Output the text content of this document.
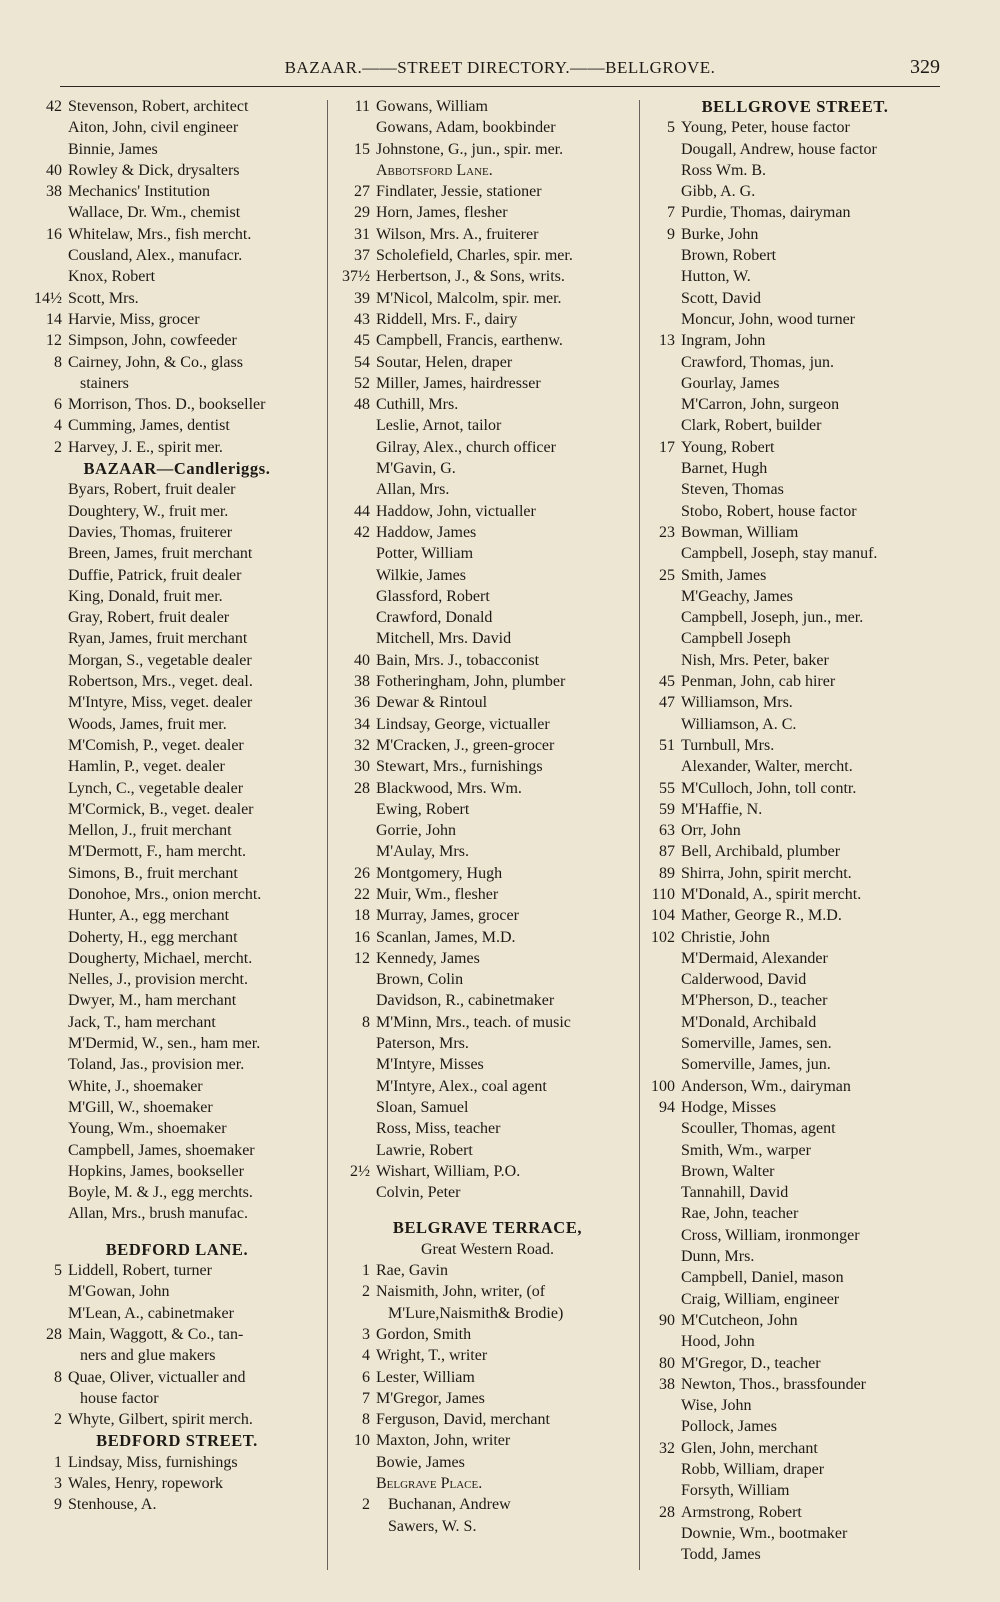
BAZAAR.——STREET DIRECTORY.——BELLGROVE.	329
42 Stevenson, Robert, architect
Aiton, John, civil engineer
Binnie, James
40 Rowley & Dick, drysalters
38 Mechanics' Institution
Wallace, Dr. Wm., chemist
16 Whitelaw, Mrs., fish mercht.
Cousland, Alex., manufacr.
Knox, Robert
14½ Scott, Mrs.
14 Harvie, Miss, grocer
12 Simpson, John, cowfeeder
8 Cairney, John, & Co., glass
stainers
6 Morrison, Thos. D., bookseller
4 Cumming, James, dentist
2 Harvey, J. E., spirit mer.
BAZAAR—Candleriggs.
Byars, Robert, fruit dealer
Doughtery, W., fruit mer.
Davies, Thomas, fruiterer
Breen, James, fruit merchant
Duffie, Patrick, fruit dealer
King, Donald, fruit mer.
Gray, Robert, fruit dealer
Ryan, James, fruit merchant
Morgan, S., vegetable dealer
Robertson, Mrs., veget. deal.
M'Intyre, Miss, veget. dealer
Woods, James, fruit mer.
M'Comish, P., veget. dealer
Hamlin, P., veget. dealer
Lynch, C., vegetable dealer
M'Cormick, B., veget. dealer
Mellon, J., fruit merchant
M'Dermott, F., ham mercht.
Simons, B., fruit merchant
Donohoe, Mrs., onion mercht.
Hunter, A., egg merchant
Doherty, H., egg merchant
Dougherty, Michael, mercht.
Nelles, J., provision mercht.
Dwyer, M., ham merchant
Jack, T., ham merchant
M'Dermid, W., sen., ham mer.
Toland, Jas., provision mer.
White, J., shoemaker
M'Gill, W., shoemaker
Young, Wm., shoemaker
Campbell, James, shoemaker
Hopkins, James, bookseller
Boyle, M. & J., egg merchts.
Allan, Mrs., brush manufac.
BEDFORD LANE.
5 Liddell, Robert, turner
M'Gowan, John
M'Lean, A., cabinetmaker
28 Main, Waggott, & Co., tan-
ners and glue makers
8 Quae, Oliver, victualler and
house factor
2 Whyte, Gilbert, spirit merch.
BEDFORD STREET.
1 Lindsay, Miss, furnishings
3 Wales, Henry, ropework
9 Stenhouse, A.
11 Gowans, William
Gowans, Adam, bookbinder
15 Johnstone, G., jun., spir. mer.
Abbotsford Lane.
27 Findlater, Jessie, stationer
29 Horn, James, flesher
31 Wilson, Mrs. A., fruiterer
37 Scholefield, Charles, spir. mer.
37½ Herbertson, J., & Sons, writs.
39 M'Nicol, Malcolm, spir. mer.
43 Riddell, Mrs. F., dairy
45 Campbell, Francis, earthenw.
54 Soutar, Helen, draper
52 Miller, James, hairdresser
48 Cuthill, Mrs.
Leslie, Arnot, tailor
Gilray, Alex., church officer
M'Gavin, G.
Allan, Mrs.
44 Haddow, John, victualler
42 Haddow, James
Potter, William
Wilkie, James
Glassford, Robert
Crawford, Donald
Mitchell, Mrs. David
40 Bain, Mrs. J., tobacconist
38 Fotheringham, John, plumber
36 Dewar & Rintoul
34 Lindsay, George, victualler
32 M'Cracken, J., green-grocer
30 Stewart, Mrs., furnishings
28 Blackwood, Mrs. Wm.
Ewing, Robert
Gorrie, John
M'Aulay, Mrs.
26 Montgomery, Hugh
22 Muir, Wm., flesher
18 Murray, James, grocer
16 Scanlan, James, M.D.
12 Kennedy, James
Brown, Colin
Davidson, R., cabinetmaker
8 M'Minn, Mrs., teach. of music
Paterson, Mrs.
M'Intyre, Misses
M'Intyre, Alex., coal agent
Sloan, Samuel
Ross, Miss, teacher
Lawrie, Robert
2½ Wishart, William, P.O.
Colvin, Peter
BELGRAVE TERRACE,
Great Western Road.
1 Rae, Gavin
2 Naismith, John, writer, (of
M'Lure,Naismith& Brodie)
3 Gordon, Smith
4 Wright, T., writer
6 Lester, William
7 M'Gregor, James
8 Ferguson, David, merchant
10 Maxton, John, writer
Bowie, James
Belgrave Place.
2 Buchanan, Andrew
Sawers, W. S.
BELLGROVE STREET.
5 Young, Peter, house factor
Dougall, Andrew, house factor
Ross Wm. B.
Gibb, A. G.
7 Purdie, Thomas, dairyman
9 Burke, John
Brown, Robert
Hutton, W.
Scott, David
Moncur, John, wood turner
13 Ingram, John
Crawford, Thomas, jun.
Gourlay, James
M'Carron, John, surgeon
Clark, Robert, builder
17 Young, Robert
Barnet, Hugh
Steven, Thomas
Stobo, Robert, house factor
23 Bowman, William
Campbell, Joseph, stay manuf.
25 Smith, James
M'Geachy, James
Campbell, Joseph, jun., mer.
Campbell Joseph
Nish, Mrs. Peter, baker
45 Penman, John, cab hirer
47 Williamson, Mrs.
Williamson, A. C.
51 Turnbull, Mrs.
Alexander, Walter, mercht.
55 M'Culloch, John, toll contr.
59 M'Haffie, N.
63 Orr, John
87 Bell, Archibald, plumber
89 Shirra, John, spirit mercht.
110 M'Donald, A., spirit mercht.
104 Mather, George R., M.D.
102 Christie, John
M'Dermaid, Alexander
Calderwood, David
M'Pherson, D., teacher
M'Donald, Archibald
Somerville, James, sen.
Somerville, James, jun.
100 Anderson, Wm., dairyman
94 Hodge, Misses
Scouller, Thomas, agent
Smith, Wm., warper
Brown, Walter
Tannahill, David
Rae, John, teacher
Cross, William, ironmonger
Dunn, Mrs.
Campbell, Daniel, mason
Craig, William, engineer
90 M'Cutcheon, John
Hood, John
80 M'Gregor, D., teacher
38 Newton, Thos., brassfounder
Wise, John
Pollock, James
32 Glen, John, merchant
Robb, William, draper
Forsyth, William
28 Armstrong, Robert
Downie, Wm., bootmaker
Todd, James
